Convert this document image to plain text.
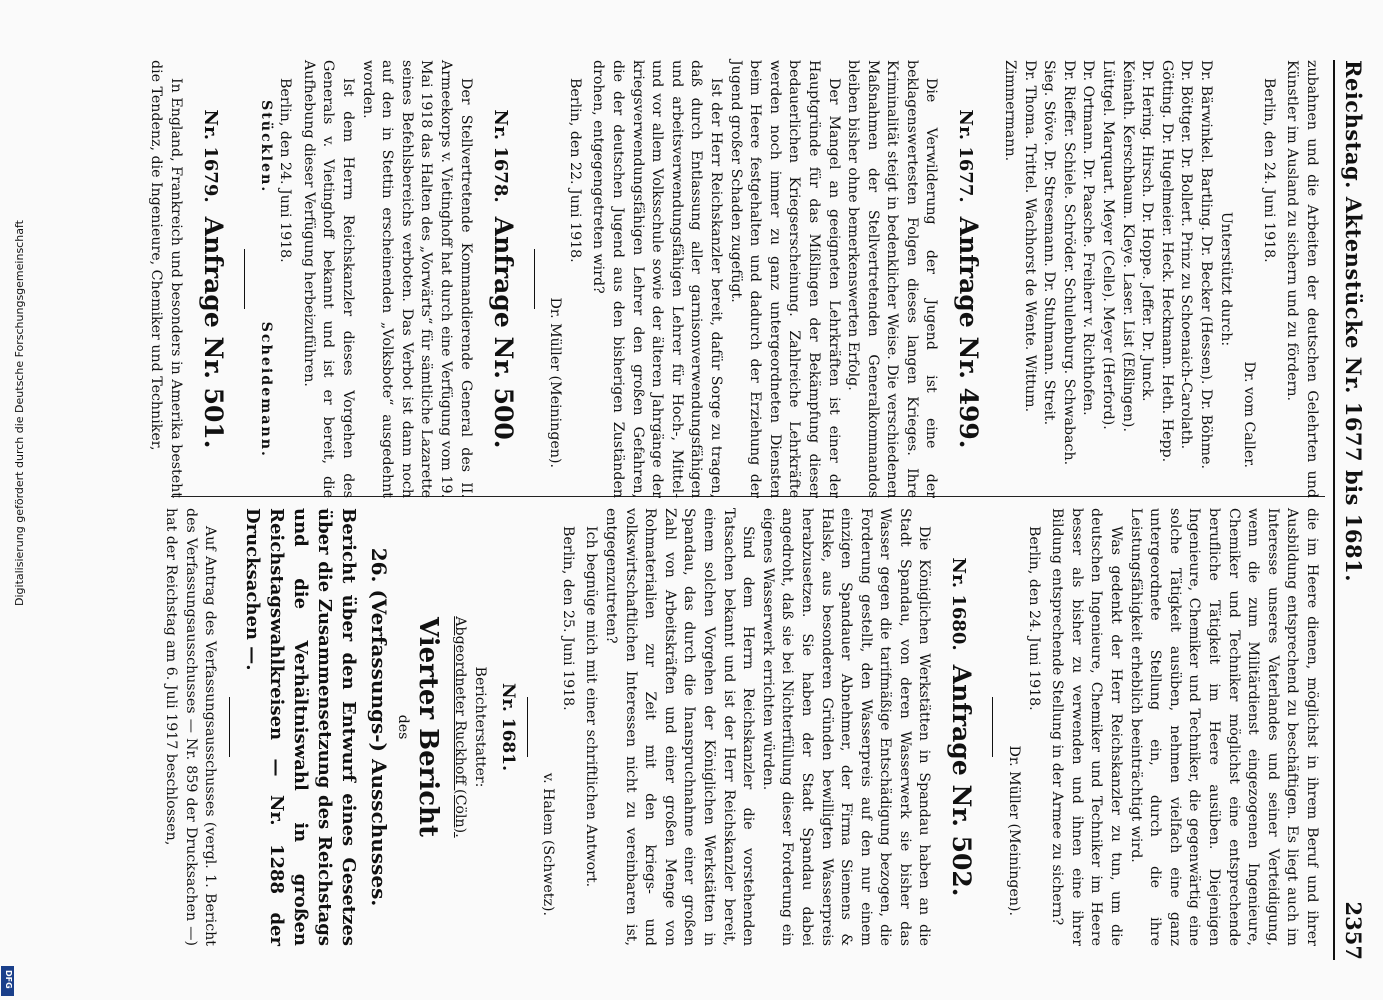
Reichstag. Aktenstücke Nr. 1677 bis 1681.
2357

zubahnen und die Arbeiten der deutschen Gelehrten und Künstler im Ausland zu sichern und zu fördern.

Berlin, den 24. Juni 1918.

Dr. vom Caller.

Unterstützt durch:

Dr. Bärwinkel. Bartling. Dr. Becker (Hessen). Dr. Böhme.

Dr. Böttger. Dr. Bollert. Prinz zu Schoenaich-Carolath.

Götting. Dr. Hugelmeier. Heck. Heckmann. Heth. Hepp.

Dr. Hering. Hirsch. Dr. Hoppe. Jeffer. Dr. Junck.

Keinath. Kerschbaum. Kleye. Laser. List (Eßlingen).

Lüttgel. Marquart. Meyer (Celle). Meyer (Herford).

Dr. Ortmann. Dr. Paasche. Freiherr v. Richthofen.

Dr. Rieffer. Schiele. Schröder. Schulenburg. Schwabach.

Sieg. Stöve. Dr. Stresemann. Dr. Stuhmann. Streit.

Dr. Thoma. Trittel. Wachhorst de Wente. Wittum.

Zimmermann.

Nr. 1677.Anfrage Nr. 499.

Die Verwilderung der Jugend ist eine der beklagenswertesten Folgen dieses langen Krieges. Ihre Kriminalität steigt in bedenklicher Weise. Die verschiedenen Maßnahmen der Stellvertretenden Generalkommandos bleiben bisher ohne bemerkenswerten Erfolg.

Der Mangel an geeigneten Lehrkräften ist einer der Hauptgründe für das Mißlingen der Bekämpfung dieser bedauerlichen Kriegserscheinung. Zahlreiche Lehrkräfte werden noch immer zu ganz untergeordneten Diensten beim Heere festgehalten und dadurch der Erziehung der Jugend großer Schaden zugefügt.

Ist der Herr Reichskanzler bereit, dafür Sorge zu tragen, daß durch Entlassung aller garnisonverwendungsfähigen und arbeitsverwendungsfähigen Lehrer für Hoch-, Mittel- und vor allem Volksschule sowie der älteren Jahrgänge der kriegsverwendungsfähigen Lehrer den großen Gefahren, die der deutschen Jugend aus den bisherigen Zuständen drohen, entgegengetreten wird?

Berlin, den 22. Juni 1918.

Dr. Müller (Meiningen).

Nr. 1678.Anfrage Nr. 500.

Der Stellvertretende Kommandierende General des II. Armeekorps v. Vietinghoff hat durch eine Verfügung vom 19. Mai 1918 das Halten des „Vorwärts“ für sämtliche Lazarette seines Befehlsbereichs verboten. Das Verbot ist dann noch auf den in Stettin erscheinenden „Volksbote“ ausgedehnt worden.

Ist dem Herrn Reichskanzler dieses Vorgehen des Generals v. Vietinghoff bekannt und ist er bereit, die Aufhebung dieser Verfügung herbeizuführen.

Berlin, den 24. Juni 1918.

Stücklen.
Scheidemann.

Nr. 1679.Anfrage Nr. 501.

In England, Frankreich und besonders in Amerika besteht die Tendenz, die Ingenieure, Chemiker und Techniker,

die im Heere dienen, möglichst in ihrem Beruf und ihrer Ausbildung entsprechend zu beschäftigen. Es liegt auch im Interesse unseres Vaterlandes und seiner Verteidigung, wenn die zum Militärdienst eingezogenen Ingenieure, Chemiker und Techniker möglichst eine entsprechende berufliche Tätigkeit im Heere ausüben. Diejenigen Ingenieure, Chemiker und Techniker, die gegenwärtig eine solche Tätigkeit ausüben, nehmen vielfach eine ganz untergeordnete Stellung ein, durch die ihre Leistungsfähigkeit erheblich beeinträchtigt wird.

Was gedenkt der Herr Reichskanzler zu tun, um die deutschen Ingenieure, Chemiker und Techniker im Heere besser als bisher zu verwenden und ihnen eine ihrer Bildung entsprechende Stellung in der Armee zu sichern?

Berlin, den 24. Juni 1918.

Dr. Müller (Meiningen).

Nr. 1680.Anfrage Nr. 502.

Die Königlichen Werkstätten in Spandau haben an die Stadt Spandau, von deren Wasserwerk sie bisher das Wasser gegen die tarifmäßige Entschädigung bezogen, die Forderung gestellt, den Wasserpreis auf den nur einem einzigen Spandauer Abnehmer, der Firma Siemens & Halske, aus besonderen Gründen bewilligten Wasserpreis herabzusetzen. Sie haben der Stadt Spandau dabei angedroht, daß sie bei Nichterfüllung dieser Forderung ein eigenes Wasserwerk errichten würden.

Sind dem Herrn Reichskanzler die vorstehenden Tatsachen bekannt und ist der Herr Reichskanzler bereit, einem solchen Vorgehen der Königlichen Werkstätten in Spandau, das durch die Inanspruchnahme einer großen Zahl von Arbeitskräften und einer großen Menge von Rohmaterialien zur Zeit mit den kriegs- und volkswirtschaftlichen Interessen nicht zu vereinbaren ist, entgegenzutreten?

Ich begnüge mich mit einer schriftlichen Antwort.

Berlin, den 25. Juni 1918.

v. Halem (Schwetz).

Nr. 1681.

Berichterstatter:

Abgeordneter Ruckhoff (Cöln).

Vierter Bericht

des

26. (Verfassungs-) Ausschusses.

Bericht über den Entwurf eines Gesetzes über die Zusammensetzung des Reichstags und die Verhältniswahl in großen Reichstagswahlkreisen — Nr. 1288 der Drucksachen —.

Auf Antrag des Verfassungsausschusses (vergl. 1. Bericht des Verfassungsausschusses — Nr. 859 der Drucksachen —) hat der Reichstag am 6. Juli 1917 beschlossen,

Digitalisierung gefördert durch die Deutsche Forschungsgemeinschaft
DFG
